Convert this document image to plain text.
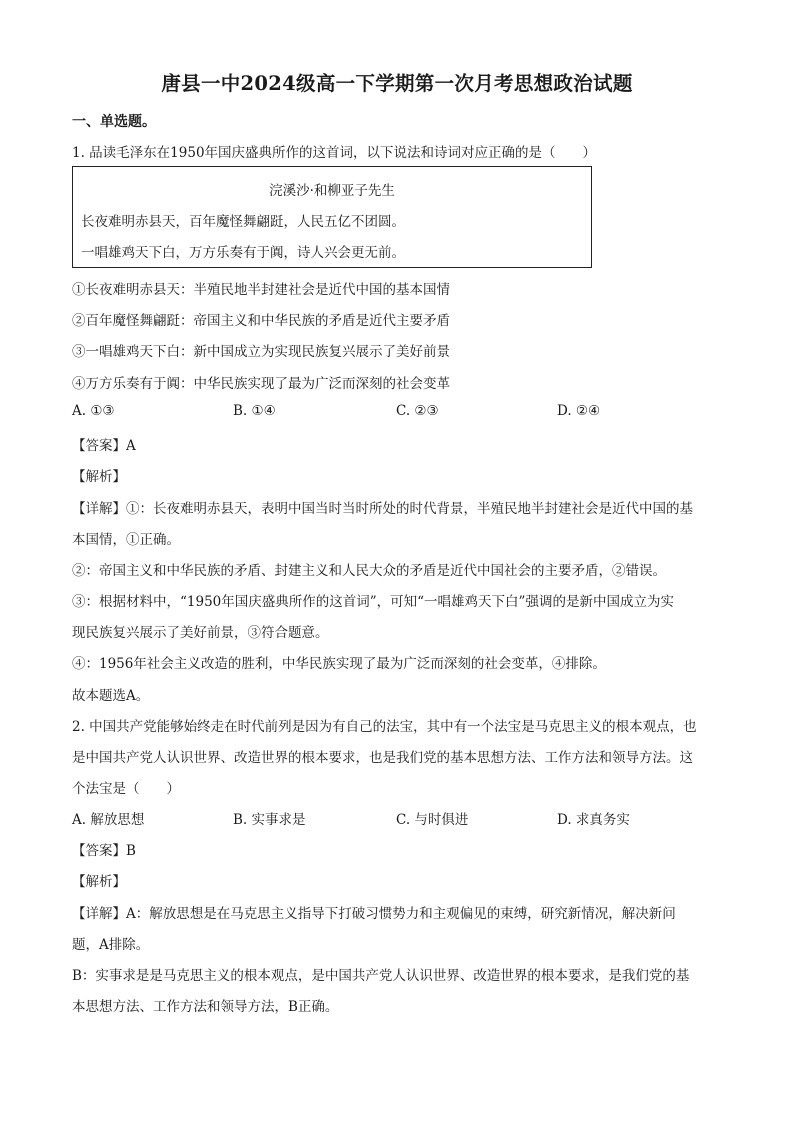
唐县一中2024级高一下学期第一次月考思想政治试题
一、单选题。
1. 品读毛泽东在1950年国庆盛典所作的这首词，以下说法和诗词对应正确的是（　　）
浣溪沙·和柳亚子先生
长夜难明赤县天，百年魔怪舞翩跹，人民五亿不团圆。
一唱雄鸡天下白，万方乐奏有于阗，诗人兴会更无前。
①长夜难明赤县天：半殖民地半封建社会是近代中国的基本国情
②百年魔怪舞翩跹：帝国主义和中华民族的矛盾是近代主要矛盾
③一唱雄鸡天下白：新中国成立为实现民族复兴展示了美好前景
④万方乐奏有于阗：中华民族实现了最为广泛而深刻的社会变革
A. ①③	B. ①④	C. ②③	D. ②④
【答案】A
【解析】
【详解】①：长夜难明赤县天，表明中国当时当时所处的时代背景，半殖民地半封建社会是近代中国的基
本国情，①正确。
②：帝国主义和中华民族的矛盾、封建主义和人民大众的矛盾是近代中国社会的主要矛盾，②错误。
③：根据材料中，“1950年国庆盛典所作的这首词”，可知“一唱雄鸡天下白”强调的是新中国成立为实
现民族复兴展示了美好前景，③符合题意。
④：1956年社会主义改造的胜利，中华民族实现了最为广泛而深刻的社会变革，④排除。
故本题选A。
2. 中国共产党能够始终走在时代前列是因为有自己的法宝，其中有一个法宝是马克思主义的根本观点，也
是中国共产党人认识世界、改造世界的根本要求，也是我们党的基本思想方法、工作方法和领导方法。这
个法宝是（　　）
A. 解放思想	B. 实事求是	C. 与时俱进	D. 求真务实
【答案】B
【解析】
【详解】A：解放思想是在马克思主义指导下打破习惯势力和主观偏见的束缚，研究新情况，解决新问
题，A排除。
B：实事求是是马克思主义的根本观点，是中国共产党人认识世界、改造世界的根本要求，是我们党的基
本思想方法、工作方法和领导方法，B正确。
